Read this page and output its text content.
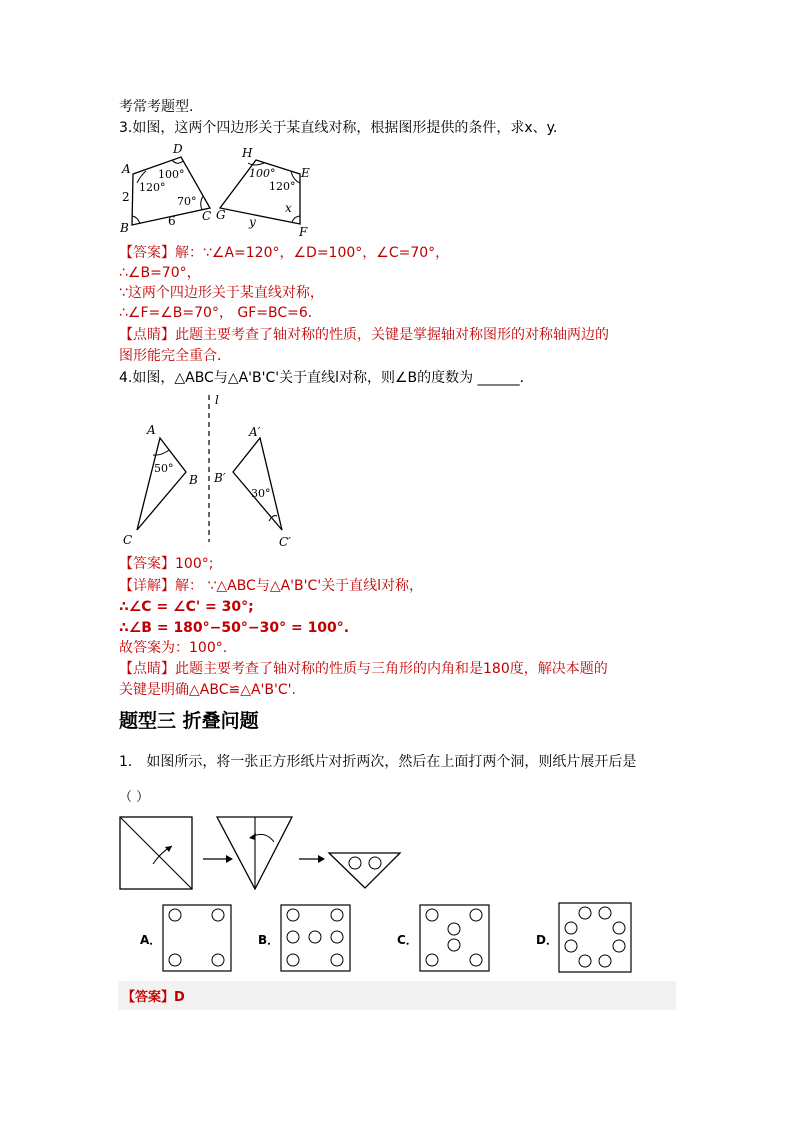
考常考题型.
3.如图，这两个四边形关于某直线对称，根据图形提供的条件，求x、y.
A
D
C
B
120°
100°
70°
2
6
H
E
G
F
100°
120°
x
y
【答案】解：∵∠A=120°，∠D=100°，∠C=70°，
∴∠B=70°，
∵这两个四边形关于某直线对称，
∴∠F=∠B=70°， GF=BC=6．
【点睛】此题主要考查了轴对称的性质，关键是掌握轴对称图形的对称轴两边的
图形能完全重合．
4.如图，△ABC与△A'B'C'关于直线l对称，则∠B的度数为 ______．
l
A
B
C
50°
A′
B′
C′
30°
【答案】100°;
【详解】解： ∵△ABC与△A'B'C'关于直线l对称，
∴∠C = ∠C' = 30°;
∴∠B = 180°−50°−30° = 100°.
故答案为：100°.
【点睛】此题主要考查了轴对称的性质与三角形的内角和是180度，解决本题的
关键是明确△ABC≌△A'B'C'.
题型三 折叠问题
1． 如图所示，将一张正方形纸片对折两次，然后在上面打两个洞，则纸片展开后是
（ ）
A．	B．	C．	D．
【答案】D
